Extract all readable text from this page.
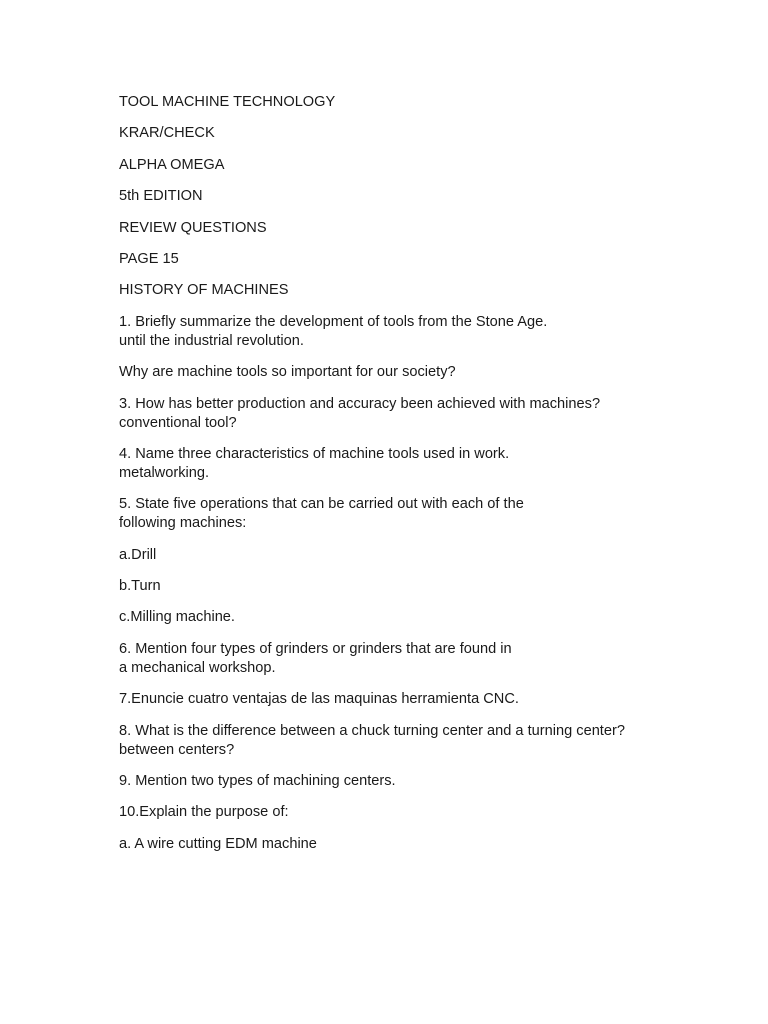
TOOL MACHINE TECHNOLOGY

KRAR/CHECK

ALPHA OMEGA

5th EDITION

REVIEW QUESTIONS

PAGE 15

HISTORY OF MACHINES

1. Briefly summarize the development of tools from the Stone Age.
until the industrial revolution.

Why are machine tools so important for our society?

3. How has better production and accuracy been achieved with machines?
conventional tool?

4. Name three characteristics of machine tools used in work.
metalworking.

5. State five operations that can be carried out with each of the
following machines:

a.Drill

b.Turn

c.Milling machine.

6. Mention four types of grinders or grinders that are found in
a mechanical workshop.

7.Enuncie cuatro ventajas de las maquinas herramienta CNC.

8. What is the difference between a chuck turning center and a turning center?
between centers?

9. Mention two types of machining centers.

10.Explain the purpose of:

a. A wire cutting EDM machine
